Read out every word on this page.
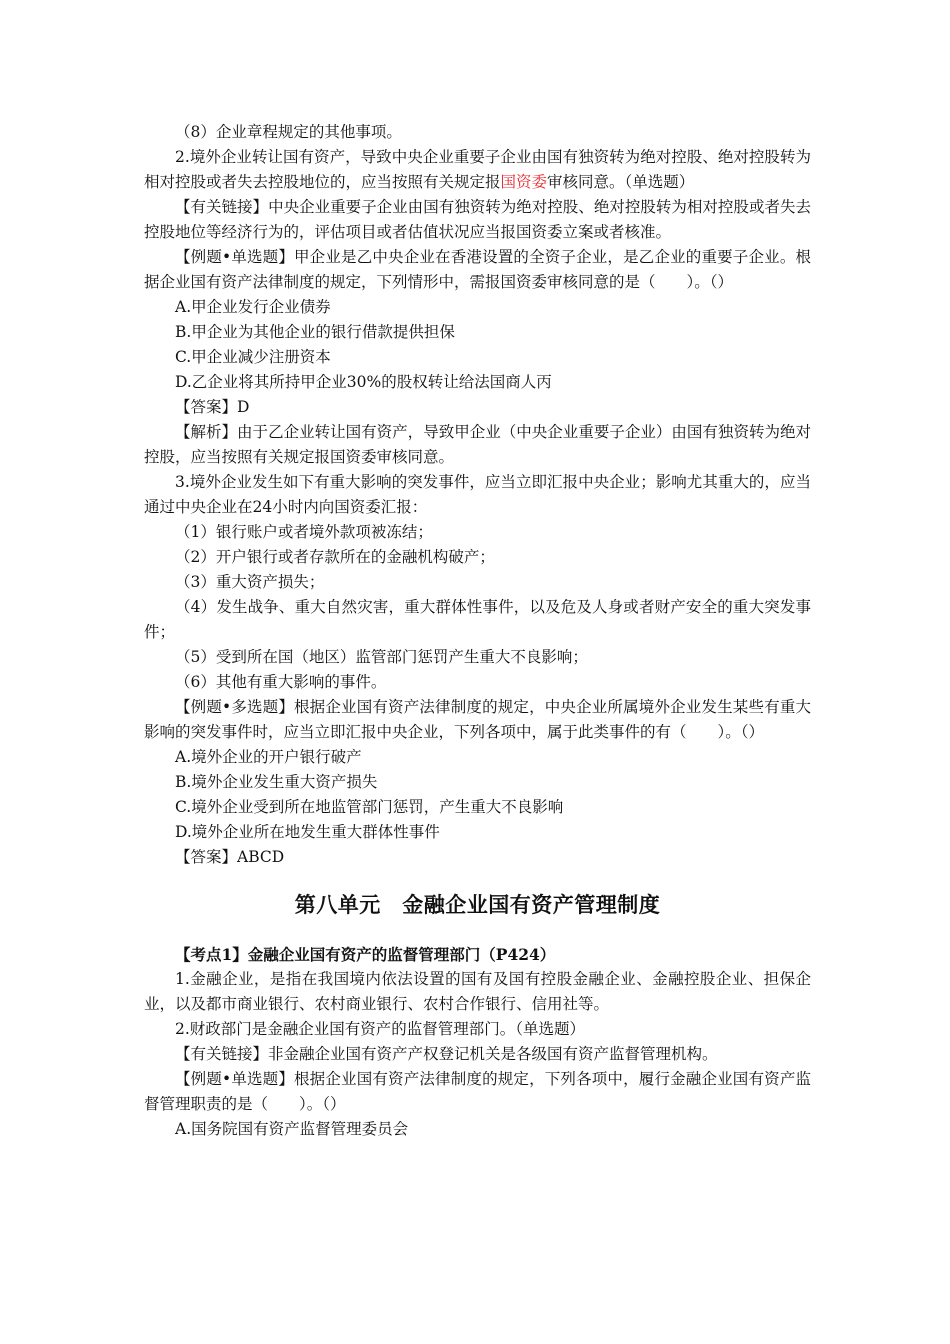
（8）企业章程规定的其他事项。

2.境外企业转让国有资产，导致中央企业重要子企业由国有独资转为绝对控股、绝对控股转为相对控股或者失去控股地位的，应当按照有关规定报国资委审核同意。（单选题）

【有关链接】中央企业重要子企业由国有独资转为绝对控股、绝对控股转为相对控股或者失去控股地位等经济行为的，评估项目或者估值状况应当报国资委立案或者核准。

【例题•单选题】甲企业是乙中央企业在香港设置的全资子企业，是乙企业的重要子企业。根据企业国有资产法律制度的规定，下列情形中，需报国资委审核同意的是（　　）。（）

A.甲企业发行企业债券

B.甲企业为其他企业的银行借款提供担保

C.甲企业减少注册资本

D.乙企业将其所持甲企业30%的股权转让给法国商人丙

【答案】D

【解析】由于乙企业转让国有资产，导致甲企业（中央企业重要子企业）由国有独资转为绝对控股，应当按照有关规定报国资委审核同意。

3.境外企业发生如下有重大影响的突发事件，应当立即汇报中央企业；影响尤其重大的，应当通过中央企业在24小时内向国资委汇报：

（1）银行账户或者境外款项被冻结；

（2）开户银行或者存款所在的金融机构破产；

（3）重大资产损失；

（4）发生战争、重大自然灾害，重大群体性事件，以及危及人身或者财产安全的重大突发事件；

（5）受到所在国（地区）监管部门惩罚产生重大不良影响；

（6）其他有重大影响的事件。

【例题•多选题】根据企业国有资产法律制度的规定，中央企业所属境外企业发生某些有重大影响的突发事件时，应当立即汇报中央企业，下列各项中，属于此类事件的有（　　）。（）

A.境外企业的开户银行破产

B.境外企业发生重大资产损失

C.境外企业受到所在地监管部门惩罚，产生重大不良影响

D.境外企业所在地发生重大群体性事件

【答案】ABCD

第八单元　金融企业国有资产管理制度

【考点1】金融企业国有资产的监督管理部门（P424）

1.金融企业，是指在我国境内依法设置的国有及国有控股金融企业、金融控股企业、担保企业，以及都市商业银行、农村商业银行、农村合作银行、信用社等。

2.财政部门是金融企业国有资产的监督管理部门。（单选题）

【有关链接】非金融企业国有资产产权登记机关是各级国有资产监督管理机构。

【例题•单选题】根据企业国有资产法律制度的规定，下列各项中，履行金融企业国有资产监督管理职责的是（　　）。（）

A.国务院国有资产监督管理委员会
